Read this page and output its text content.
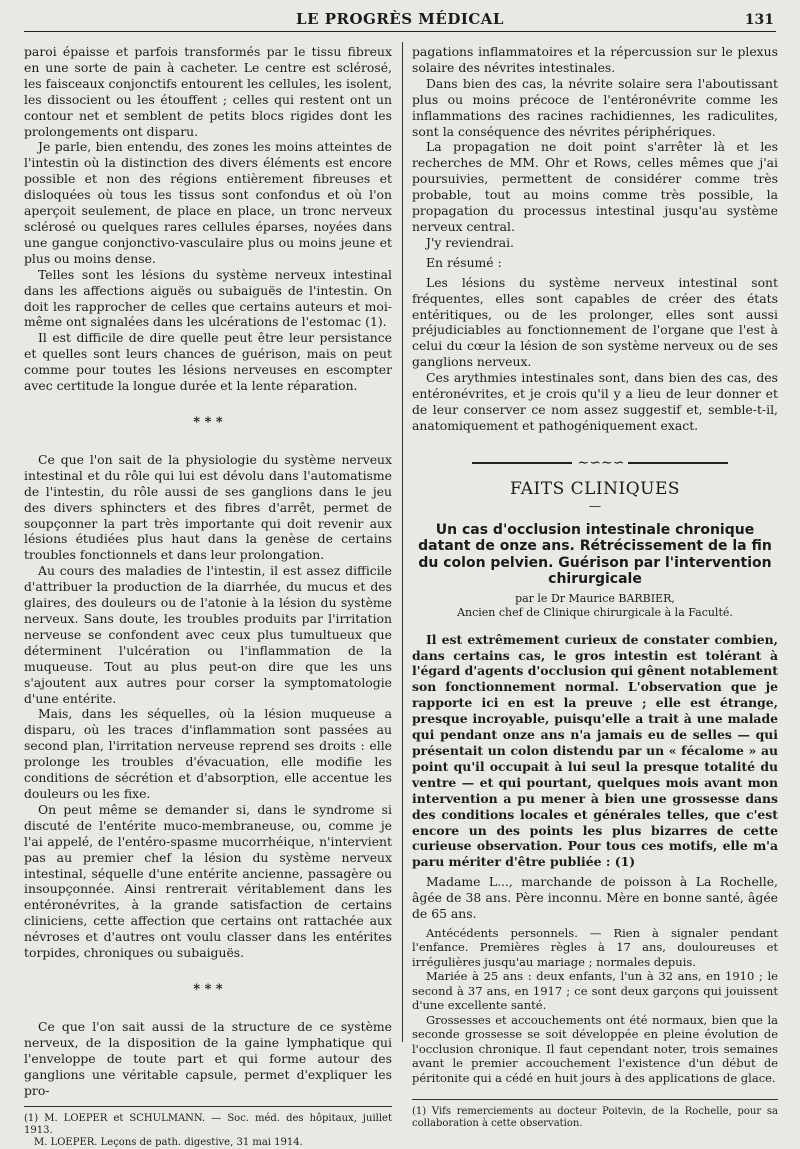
LE PROGRÈS MÉDICAL	131

paroi épaisse et parfois transformés par le tissu fibreux en une sorte de pain à cacheter. Le centre est sclérosé, les faisceaux conjonctifs entourent les cellules, les isolent, les dissocient ou les étouffent ; celles qui restent ont un contour net et semblent de petits blocs rigides dont les prolongements ont disparu.

Je parle, bien entendu, des zones les moins atteintes de l'intestin où la distinction des divers éléments est encore possible et non des régions entièrement fibreuses et disloquées où tous les tissus sont confondus et où l'on aperçoit seulement, de place en place, un tronc nerveux sclérosé ou quelques rares cellules éparses, noyées dans une gangue conjonctivo-vasculaire plus ou moins jeune et plus ou moins dense.

Telles sont les lésions du système nerveux intestinal dans les affections aiguës ou subaiguës de l'intestin. On doit les rapprocher de celles que certains auteurs et moi-même ont signalées dans les ulcérations de l'estomac (1).

Il est difficile de dire quelle peut être leur persistance et quelles sont leurs chances de guérison, mais on peut comme pour toutes les lésions nerveuses en escompter avec certitude la longue durée et la lente réparation.

* * *

Ce que l'on sait de la physiologie du système nerveux intestinal et du rôle qui lui est dévolu dans l'automatisme de l'intestin, du rôle aussi de ses ganglions dans le jeu des divers sphincters et des fibres d'arrêt, permet de soupçonner la part très importante qui doit revenir aux lésions étudiées plus haut dans la genèse de certains troubles fonctionnels et dans leur prolongation.

Au cours des maladies de l'intestin, il est assez difficile d'attribuer la production de la diarrhée, du mucus et des glaires, des douleurs ou de l'atonie à la lésion du système nerveux. Sans doute, les troubles produits par l'irritation nerveuse se confondent avec ceux plus tumultueux que déterminent l'ulcération ou l'inflammation de la muqueuse. Tout au plus peut-on dire que les uns s'ajoutent aux autres pour corser la symptomatologie d'une entérite.

Mais, dans les séquelles, où la lésion muqueuse a disparu, où les traces d'inflammation sont passées au second plan, l'irritation nerveuse reprend ses droits : elle prolonge les troubles d'évacuation, elle modifie les conditions de sécrétion et d'absorption, elle accentue les douleurs ou les fixe.

On peut même se demander si, dans le syndrome si discuté de l'entérite muco-membraneuse, ou, comme je l'ai appelé, de l'entéro-spasme mucorrhéique, n'intervient pas au premier chef la lésion du système nerveux intestinal, séquelle d'une entérite ancienne, passagère ou insoupçonnée. Ainsi rentrerait véritablement dans les entéronévrites, à la grande satisfaction de certains cliniciens, cette affection que certains ont rattachée aux névroses et d'autres ont voulu classer dans les entérites torpides, chroniques ou subaiguës.

* * *

Ce que l'on sait aussi de la structure de ce système nerveux, de la disposition de la gaine lymphatique qui l'enveloppe de toute part et qui forme autour des ganglions une véritable capsule, permet d'expliquer les pro-

(1) M. LOEPER et SCHULMANN. — Soc. méd. des hôpitaux, juillet 1913.
M. LOEPER. Leçons de path. digestive, 31 mai 1914.

pagations inflammatoires et la répercussion sur le plexus solaire des névrites intestinales.

Dans bien des cas, la névrite solaire sera l'aboutissant plus ou moins précoce de l'entéronévrite comme les inflammations des racines rachidiennes, les radiculites, sont la conséquence des névrites périphériques.

La propagation ne doit point s'arrêter là et les recherches de MM. Ohr et Rows, celles mêmes que j'ai poursuivies, permettent de considérer comme très probable, tout au moins comme très possible, la propagation du processus intestinal jusqu'au système nerveux central.

J'y reviendrai.

En résumé :

Les lésions du système nerveux intestinal sont fréquentes, elles sont capables de créer des états entéritiques, ou de les prolonger, elles sont aussi préjudiciables au fonctionnement de l'organe que l'est à celui du cœur la lésion de son système nerveux ou de ses ganglions nerveux.

Ces arythmies intestinales sont, dans bien des cas, des entéronévrites, et je crois qu'il y a lieu de leur donner et de leur conserver ce nom assez suggestif et, semble-t-il, anatomiquement et pathogéniquement exact.

∼∽∼∽
FAITS CLINIQUES
—
Un cas d'occlusion intestinale chronique datant de onze ans. Rétrécissement de la fin du colon pelvien. Guérison par l'intervention chirurgicale
par le Dr Maurice BARBIER,
Ancien chef de Clinique chirurgicale à la Faculté.

Il est extrêmement curieux de constater combien, dans certains cas, le gros intestin est tolérant à l'égard d'agents d'occlusion qui gênent notablement son fonctionnement normal. L'observation que je rapporte ici en est la preuve ; elle est étrange, presque incroyable, puisqu'elle a trait à une malade qui pendant onze ans n'a jamais eu de selles — qui présentait un colon distendu par un « fécalome » au point qu'il occupait à lui seul la presque totalité du ventre — et qui pourtant, quelques mois avant mon intervention a pu mener à bien une grossesse dans des conditions locales et générales telles, que c'est encore un des points les plus bizarres de cette curieuse observation. Pour tous ces motifs, elle m'a paru mériter d'être publiée : (1)

Madame L..., marchande de poisson à La Rochelle, âgée de 38 ans. Père inconnu. Mère en bonne santé, âgée de 65 ans.

Antécédents personnels. — Rien à signaler pendant l'enfance. Premières règles à 17 ans, douloureuses et irrégulières jusqu'au mariage ; normales depuis.

Mariée à 25 ans : deux enfants, l'un à 32 ans, en 1910 ; le second à 37 ans, en 1917 ; ce sont deux garçons qui jouissent d'une excellente santé.

Grossesses et accouchements ont été normaux, bien que la seconde grossesse se soit développée en pleine évolution de l'occlusion chronique. Il faut cependant noter, trois semaines avant le premier accouchement l'existence d'un début de péritonite qui a cédé en huit jours à des applications de glace.

(1) Vifs remerciements au docteur Poitevin, de la Rochelle, pour sa collaboration à cette observation.
